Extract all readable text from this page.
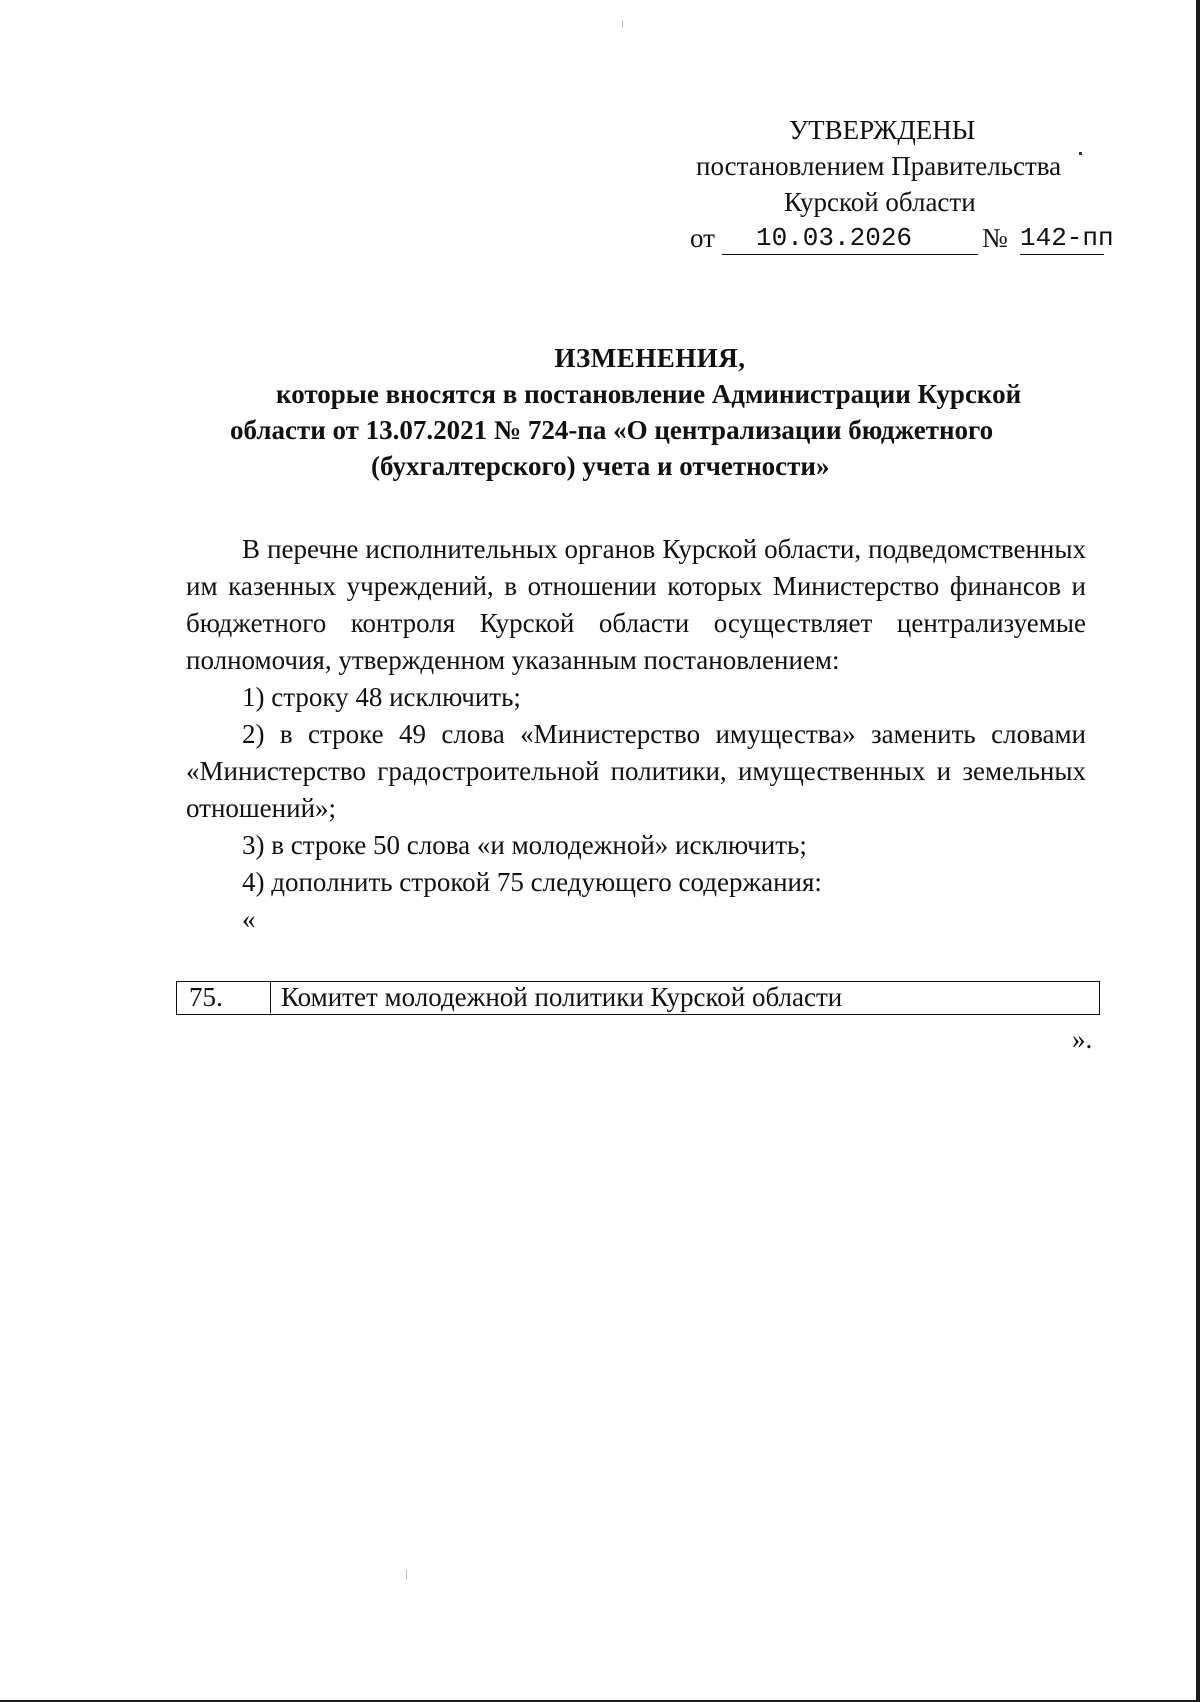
УТВЕРЖДЕНЫ
постановлением Правительства
Курской области
от 10.03.2026	№ 142-пп
ИЗМЕНЕНИЯ,
которые вносятся в постановление Администрации Курской
области от 13.07.2021 № 724-па «О централизации бюджетного
(бухгалтерского) учета и отчетности»

В перечне исполнительных органов Курской области, подведомственных им казенных учреждений, в отношении которых Министерство финансов и бюджетного контроля Курской области осуществляет централизуемые полномочия, утвержденном указанным постановлением:

1) строку 48 исключить;

2) в строке 49 слова «Министерство имущества» заменить словами «Министерство градостроительной политики, имущественных и земельных отношений»;

3) в строке 50 слова «и молодежной» исключить;

4) дополнить строкой 75 следующего содержания:

«

75.	Комитет молодежной политики Курской области
».
